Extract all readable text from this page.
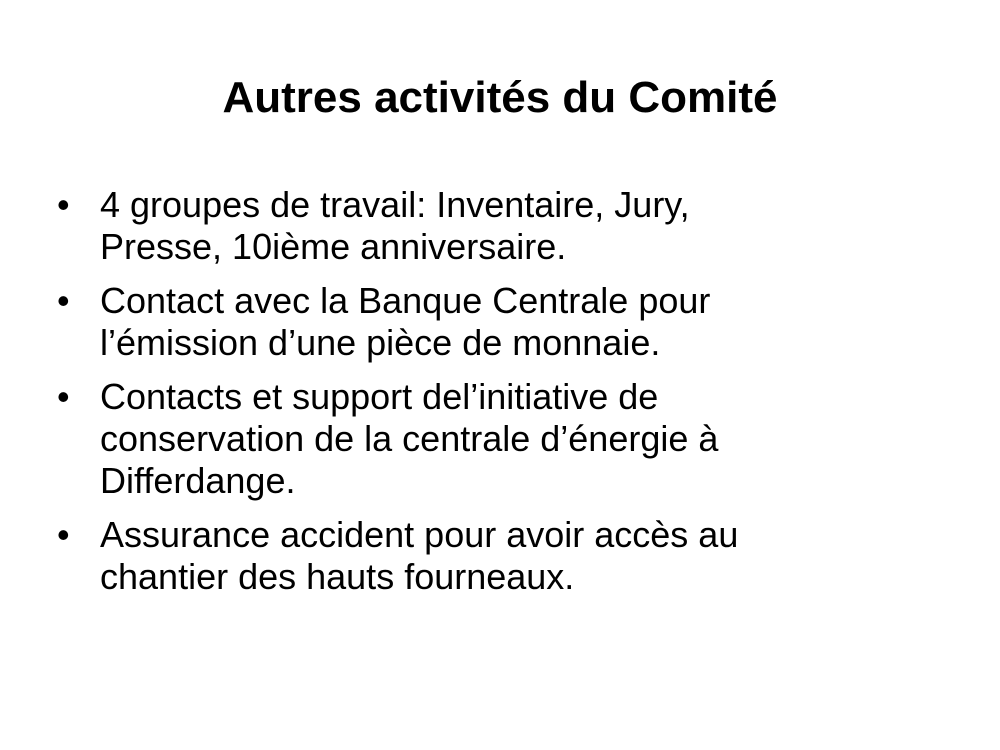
Autres activités du Comité
• 4 groupes de travail: Inventaire, Jury,
Presse, 10ième anniversaire.
• Contact avec la Banque Centrale pour
l’émission d’une pièce de monnaie.
• Contacts et support del’initiative de
conservation de la centrale d’énergie à
Differdange.
• Assurance accident pour avoir accès au
chantier des hauts fourneaux.
